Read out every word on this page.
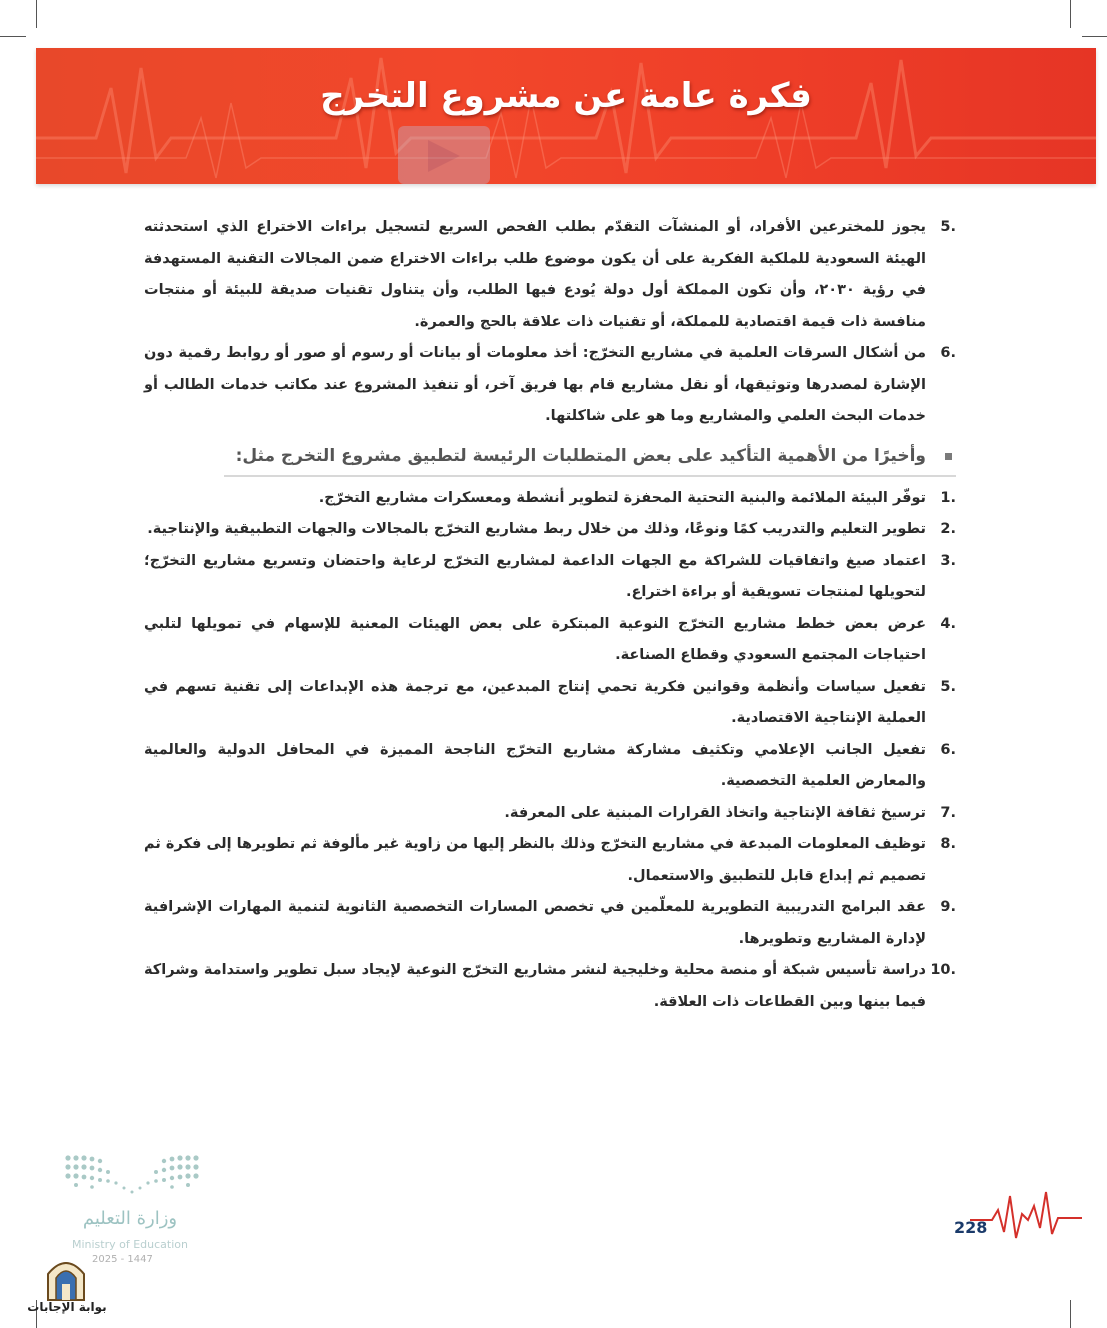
فكرة عامة عن مشروع التخرج
5.
يجوز للمخترعين الأفراد، أو المنشآت التقدّم بطلب الفحص السريع لتسجيل براءات الاختراع الذي استحدثته الهيئة السعودية للملكية الفكرية على أن يكون موضوع طلب براءات الاختراع ضمن المجالات التقنية المستهدفة في رؤية ٢٠٣٠، وأن تكون المملكة أول دولة يُودع فيها الطلب، وأن يتناول تقنيات صديقة للبيئة أو منتجات منافسة ذات قيمة اقتصادية للمملكة، أو تقنيات ذات علاقة بالحج والعمرة.
6.
من أشكال السرقات العلمية في مشاريع التخرّج: أخذ معلومات أو بيانات أو رسوم أو صور أو روابط رقمية دون الإشارة لمصدرها وتوثيقها، أو نقل مشاريع قام بها فريق آخر، أو تنفيذ المشروع عند مكاتب خدمات الطالب أو خدمات البحث العلمي والمشاريع وما هو على شاكلتها.
وأخيرًا من الأهمية التأكيد على بعض المتطلبات الرئيسة لتطبيق مشروع التخرج مثل:
1.
توفّر البيئة الملائمة والبنية التحتية المحفزة لتطوير أنشطة ومعسكرات مشاريع التخرّج.
2.
تطوير التعليم والتدريب كمًا ونوعًا، وذلك من خلال ربط مشاريع التخرّج بالمجالات والجهات التطبيقية والإنتاجية.
3.
اعتماد صيغ واتفاقيات للشراكة مع الجهات الداعمة لمشاريع التخرّج لرعاية واحتضان وتسريع مشاريع التخرّج؛ لتحويلها لمنتجات تسويقية أو براءة اختراع.
4.
عرض بعض خطط مشاريع التخرّج النوعية المبتكرة على بعض الهيئات المعنية للإسهام في تمويلها لتلبي احتياجات المجتمع السعودي وقطاع الصناعة.
5.
تفعيل سياسات وأنظمة وقوانين فكرية تحمي إنتاج المبدعين، مع ترجمة هذه الإبداعات إلى تقنية تسهم في العملية الإنتاجية الاقتصادية.
6.
تفعيل الجانب الإعلامي وتكثيف مشاركة مشاريع التخرّج الناجحة المميزة في المحافل الدولية والعالمية والمعارض العلمية التخصصية.
7.
ترسيخ ثقافة الإنتاجية واتخاذ القرارات المبنية على المعرفة.
8.
توظيف المعلومات المبدعة في مشاريع التخرّج وذلك بالنظر إليها من زاوية غير مألوفة ثم تطويرها إلى فكرة ثم تصميم ثم إبداع قابل للتطبيق والاستعمال.
9.
عقد البرامج التدريبية التطويرية للمعلّمين في تخصص المسارات التخصصية الثانوية لتنمية المهارات الإشرافية لإدارة المشاريع وتطويرها.
10.
دراسة تأسيس شبكة أو منصة محلية وخليجية لنشر مشاريع التخرّج النوعية لإيجاد سبل تطوير واستدامة وشراكة فيما بينها وبين القطاعات ذات العلاقة.
وزارة التعليم
Ministry of Education
2025 - 1447
بوابة الإجابات
228
